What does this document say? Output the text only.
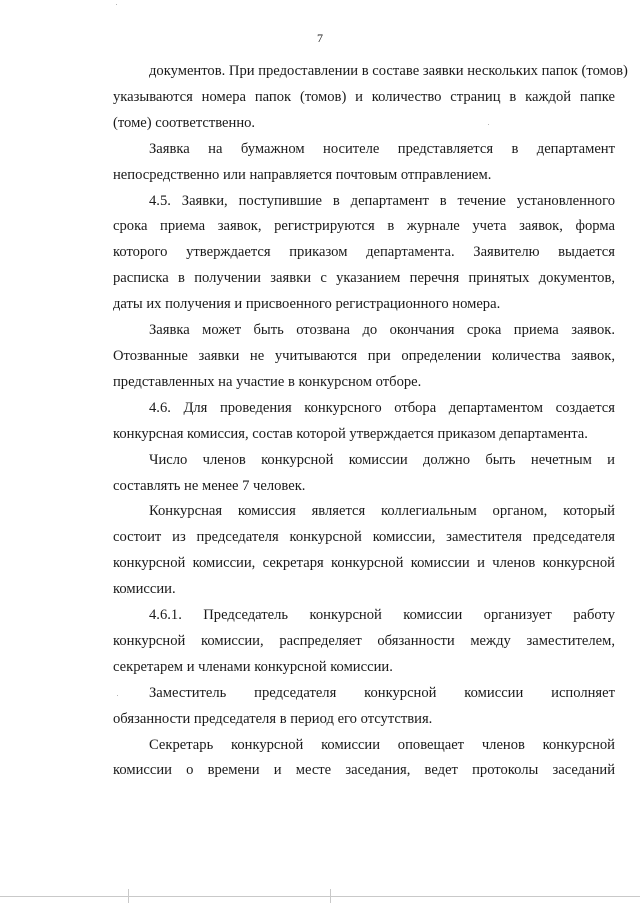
7

документов. При предоставлении в составе заявки нескольких папок (томов)
указываются номера папок (томов) и количество страниц в каждой папке
(томе) соответственно.

Заявка на бумажном носителе представляется в департамент
непосредственно или направляется почтовым отправлением.

4.5. Заявки, поступившие в департамент в течение установленного
срока приема заявок, регистрируются в журнале учета заявок, форма
которого утверждается приказом департамента. Заявителю выдается
расписка в получении заявки с указанием перечня принятых документов,
даты их получения и присвоенного регистрационного номера.

Заявка может быть отозвана до окончания срока приема заявок.
Отозванные заявки не учитываются при определении количества заявок,
представленных на участие в конкурсном отборе.

4.6. Для проведения конкурсного отбора департаментом создается
конкурсная комиссия, состав которой утверждается приказом департамента.

Число членов конкурсной комиссии должно быть нечетным и
составлять не менее 7 человек.

Конкурсная комиссия является коллегиальным органом, который
состоит из председателя конкурсной комиссии, заместителя председателя
конкурсной комиссии, секретаря конкурсной комиссии и членов конкурсной
комиссии.

4.6.1. Председатель конкурсной комиссии организует работу
конкурсной комиссии, распределяет обязанности между заместителем,
секретарем и членами конкурсной комиссии.

Заместитель председателя конкурсной комиссии исполняет
обязанности председателя в период его отсутствия.

Секретарь конкурсной комиссии оповещает членов конкурсной
комиссии о времени и месте заседания, ведет протоколы заседаний
